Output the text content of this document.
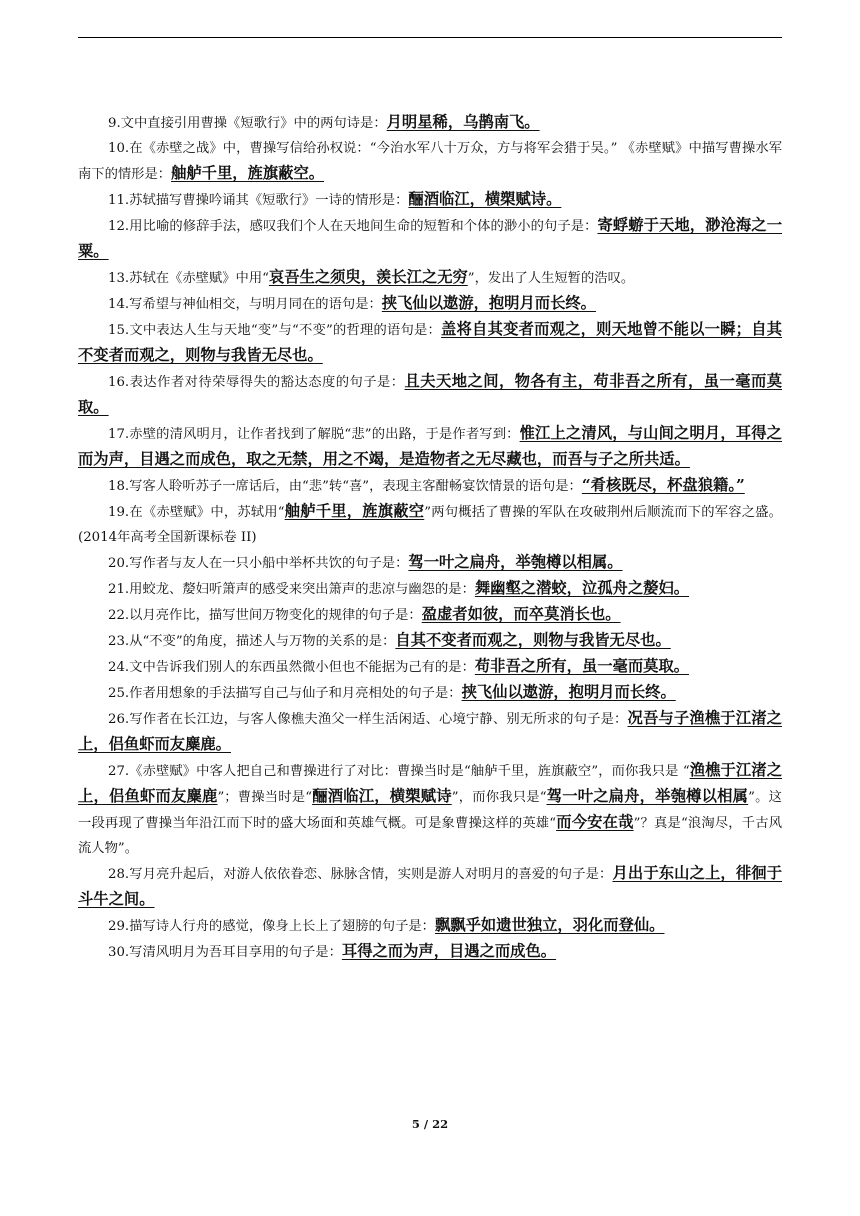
9.文中直接引用曹操《短歌行》中的两句诗是：月明星稀，乌鹊南飞。

10.在《赤壁之战》中，曹操写信给孙权说：“今治水军八十万众，方与将军会猎于吴。” 《赤壁赋》中描写曹操水军南下的情形是：舳舻千里，旌旗蔽空。

11.苏轼描写曹操吟诵其《短歌行》一诗的情形是：酾酒临江，横槊赋诗。

12.用比喻的修辞手法，感叹我们个人在天地间生命的短暂和个体的渺小的句子是：寄蜉蝣于天地，渺沧海之一粟。

13.苏轼在《赤壁赋》中用“哀吾生之须臾，羡长江之无穷”，发出了人生短暂的浩叹。

14.写希望与神仙相交，与明月同在的语句是：挟飞仙以遨游，抱明月而长终。

15.文中表达人生与天地“变”与“不变”的哲理的语句是：盖将自其变者而观之，则天地曾不能以一瞬；自其不变者而观之，则物与我皆无尽也。

16.表达作者对待荣辱得失的豁达态度的句子是：且夫天地之间，物各有主，苟非吾之所有，虽一毫而莫取。

17.赤壁的清风明月，让作者找到了解脱“悲”的出路，于是作者写到：惟江上之清风，与山间之明月，耳得之而为声，目遇之而成色，取之无禁，用之不竭，是造物者之无尽藏也，而吾与子之所共适。

18.写客人聆听苏子一席话后，由“悲”转“喜”，表现主客酣畅宴饮情景的语句是：“肴核既尽，杯盘狼籍。”

19.在《赤壁赋》中，苏轼用“舳舻千里，旌旗蔽空”两句概括了曹操的军队在攻破荆州后顺流而下的军容之盛。(2014年高考全国新课标卷 II)

20.写作者与友人在一只小船中举杯共饮的句子是：驾一叶之扁舟，举匏樽以相属。

21.用蛟龙、嫠妇听箫声的感受来突出箫声的悲凉与幽怨的是：舞幽壑之潜蛟，泣孤舟之嫠妇。

22.以月亮作比，描写世间万物变化的规律的句子是：盈虚者如彼，而卒莫消长也。

23.从“不变”的角度，描述人与万物的关系的是：自其不变者而观之，则物与我皆无尽也。

24.文中告诉我们别人的东西虽然微小但也不能据为己有的是：苟非吾之所有，虽一毫而莫取。

25.作者用想象的手法描写自己与仙子和月亮相处的句子是：挟飞仙以遨游，抱明月而长终。

26.写作者在长江边，与客人像樵夫渔父一样生活闲适、心境宁静、别无所求的句子是：况吾与子渔樵于江渚之上，侣鱼虾而友麋鹿。

27.《赤壁赋》中客人把自己和曹操进行了对比：曹操当时是“舳舻千里，旌旗蔽空”，而你我只是 “渔樵于江渚之上，侣鱼虾而友麋鹿”；曹操当时是“酾酒临江，横槊赋诗”，而你我只是“驾一叶之扁舟，举匏樽以相属”。这一段再现了曹操当年沿江而下时的盛大场面和英雄气概。可是象曹操这样的英雄“而今安在哉”？真是“浪淘尽，千古风流人物”。

28.写月亮升起后，对游人依依眷恋、脉脉含情，实则是游人对明月的喜爱的句子是：月出于东山之上，徘徊于斗牛之间。

29.描写诗人行舟的感觉，像身上长上了翅膀的句子是：飘飘乎如遗世独立，羽化而登仙。

30.写清风明月为吾耳目享用的句子是：耳得之而为声，目遇之而成色。

5 / 22
